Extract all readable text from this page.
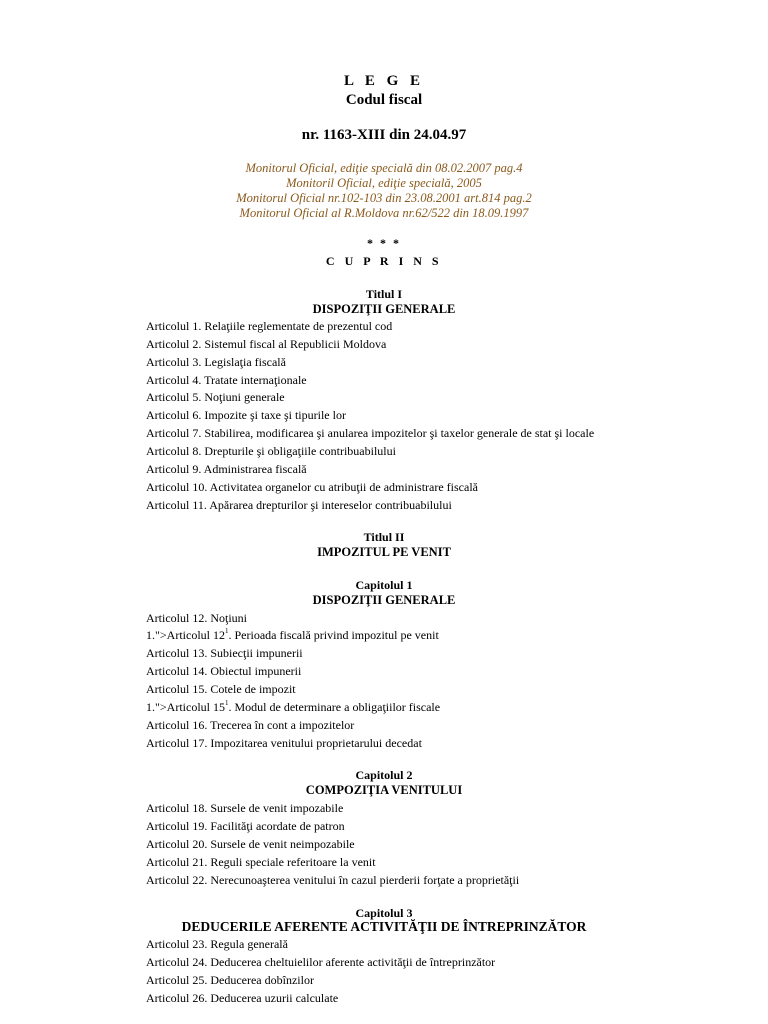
L E G E
Codul fiscal
nr. 1163-XIII din 24.04.97
Monitorul Oficial, ediţie specială din 08.02.2007 pag.4
Monitoril Oficial, ediţie specială, 2005
Monitorul Oficial nr.102-103 din 23.08.2001 art.814 pag.2
Monitorul Oficial al R.Moldova nr.62/522 din 18.09.1997
* * *
C U P R I N S
Titlul I
DISPOZIŢII GENERALE
Articolul 1. Relaţiile reglementate de prezentul cod
Articolul 2. Sistemul fiscal al Republicii Moldova
Articolul 3. Legislaţia fiscală
Articolul 4. Tratate internaţionale
Articolul 5. Noţiuni generale
Articolul 6. Impozite şi taxe şi tipurile lor
Articolul 7. Stabilirea, modificarea şi anularea impozitelor şi taxelor generale de stat şi locale
Articolul 8. Drepturile şi obligaţiile contribuabilului
Articolul 9. Administrarea fiscală
Articolul 10. Activitatea organelor cu atribuţii de administrare fiscală
Articolul 11. Apărarea drepturilor şi intereselor contribuabilului
Titlul II
IMPOZITUL PE VENIT
Capitolul 1
DISPOZIŢII GENERALE
Articolul 12. Noţiuni
1.">Articolul $12^1$. Perioada fiscală privind impozitul pe venit
Articolul 13. Subiecţii impunerii
Articolul 14. Obiectul impunerii
Articolul 15. Cotele de impozit
1.">Articolul $15^1$. Modul de determinare a obligaţiilor fiscale
Articolul 16. Trecerea în cont a impozitelor
Articolul 17. Impozitarea venitului proprietarului decedat
Capitolul 2
COMPOZIŢIA VENITULUI
Articolul 18. Sursele de venit impozabile
Articolul 19. Facilităţi acordate de patron
Articolul 20. Sursele de venit neimpozabile
Articolul 21. Reguli speciale referitoare la venit
Articolul 22. Nerecunoaşterea venitului în cazul pierderii forţate a proprietăţii
Capitolul 3
DEDUCERILE AFERENTE ACTIVITĂŢII DE ÎNTREPRINZĂTOR
Articolul 23. Regula generală
Articolul 24. Deducerea cheltuielilor aferente activităţii de întreprinzător
Articolul 25. Deducerea dobînzilor
Articolul 26. Deducerea uzurii calculate
